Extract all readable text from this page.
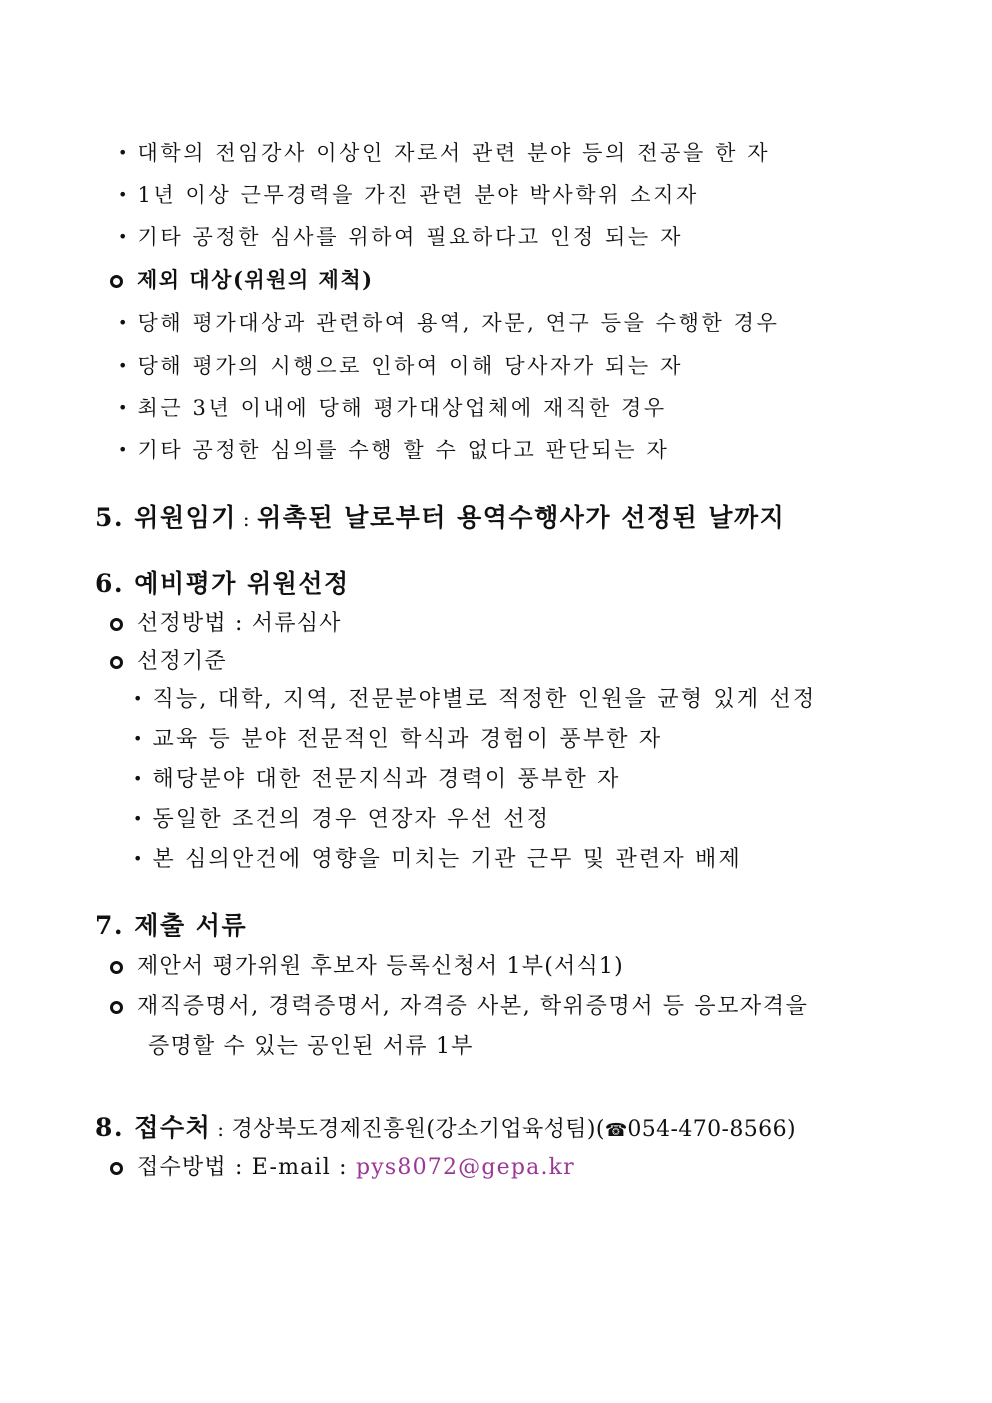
• 대학의 전임강사 이상인 자로서 관련 분야 등의 전공을 한 자
• 1년 이상 근무경력을 가진 관련 분야 박사학위 소지자
• 기타 공정한 심사를 위하여 필요하다고 인정 되는 자
제외 대상(위원의 제척)
• 당해 평가대상과 관련하여 용역, 자문, 연구 등을 수행한 경우
• 당해 평가의 시행으로 인하여 이해 당사자가 되는 자
• 최근 3년 이내에 당해 평가대상업체에 재직한 경우
• 기타 공정한 심의를 수행 할 수 없다고 판단되는 자
5. 위원임기 : 위촉된 날로부터 용역수행사가 선정된 날까지
6. 예비평가 위원선정
선정방법 : 서류심사
선정기준
• 직능, 대학, 지역, 전문분야별로 적정한 인원을 균형 있게 선정
• 교육 등 분야 전문적인 학식과 경험이 풍부한 자
• 해당분야 대한 전문지식과 경력이 풍부한 자
• 동일한 조건의 경우 연장자 우선 선정
• 본 심의안건에 영향을 미치는 기관 근무 및 관련자 배제
7. 제출 서류
제안서 평가위원 후보자 등록신청서 1부(서식1)
재직증명서, 경력증명서, 자격증 사본, 학위증명서 등 응모자격을
증명할 수 있는 공인된 서류 1부
8. 접수처 : 경상북도경제진흥원(강소기업육성팀)(☎054-470-8566)
접수방법 : E-mail : pys8072@gepa.kr
